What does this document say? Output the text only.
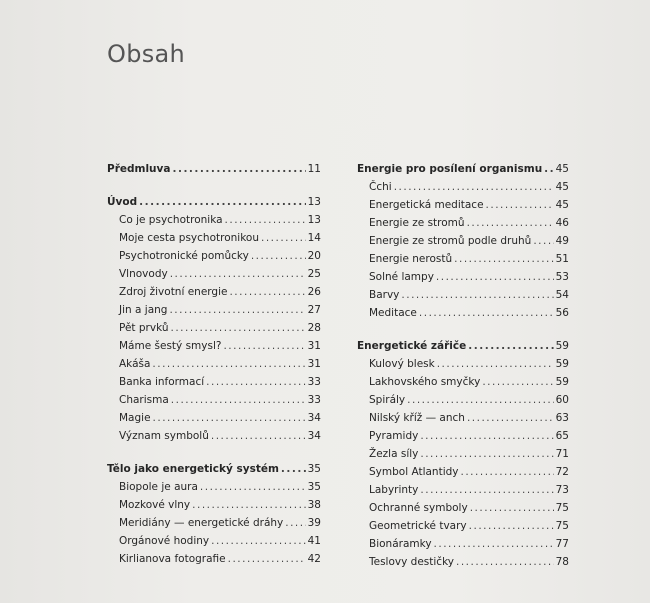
Obsah
Předmluva .....	11
Úvod .....	13
Co je psychotronika .....	13
Moje cesta psychotronikou .....	14
Psychotronické pomůcky .....	20
Vlnovody .....	25
Zdroj životní energie .....	26
Jin a jang .....	27
Pět prvků .....	28
Máme šestý smysl? .....	31
Akáša .....	31
Banka informací .....	33
Charisma .....	33
Magie .....	34
Význam symbolů .....	34
Tělo jako energetický systém .....	35
Biopole je aura .....	35
Mozkové vlny .....	38
Meridiány — energetické dráhy ..... 39
Orgánové hodiny .....	41
Kirlianova fotografie .....	42
Energie pro posílení organismu ..... 45
Čchi .....	45
Energetická meditace .....	45
Energie ze stromů .....	46
Energie ze stromů podle druhů ..... 49
Energie nerostů .....	51
Solné lampy .....	53
Barvy .....	54
Meditace .....	56
Energetické zářiče .....	59
Kulový blesk .....	59
Lakhovského smyčky .....	59
Spirály .....	60
Nilský kříž — anch .....	63
Pyramidy .....	65
Žezla síly .....	71
Symbol Atlantidy .....	72
Labyrinty .....	73
Ochranné symboly .....	75
Geometrické tvary .....	75
Bionáramky .....	77
Teslovy destičky .....	78
